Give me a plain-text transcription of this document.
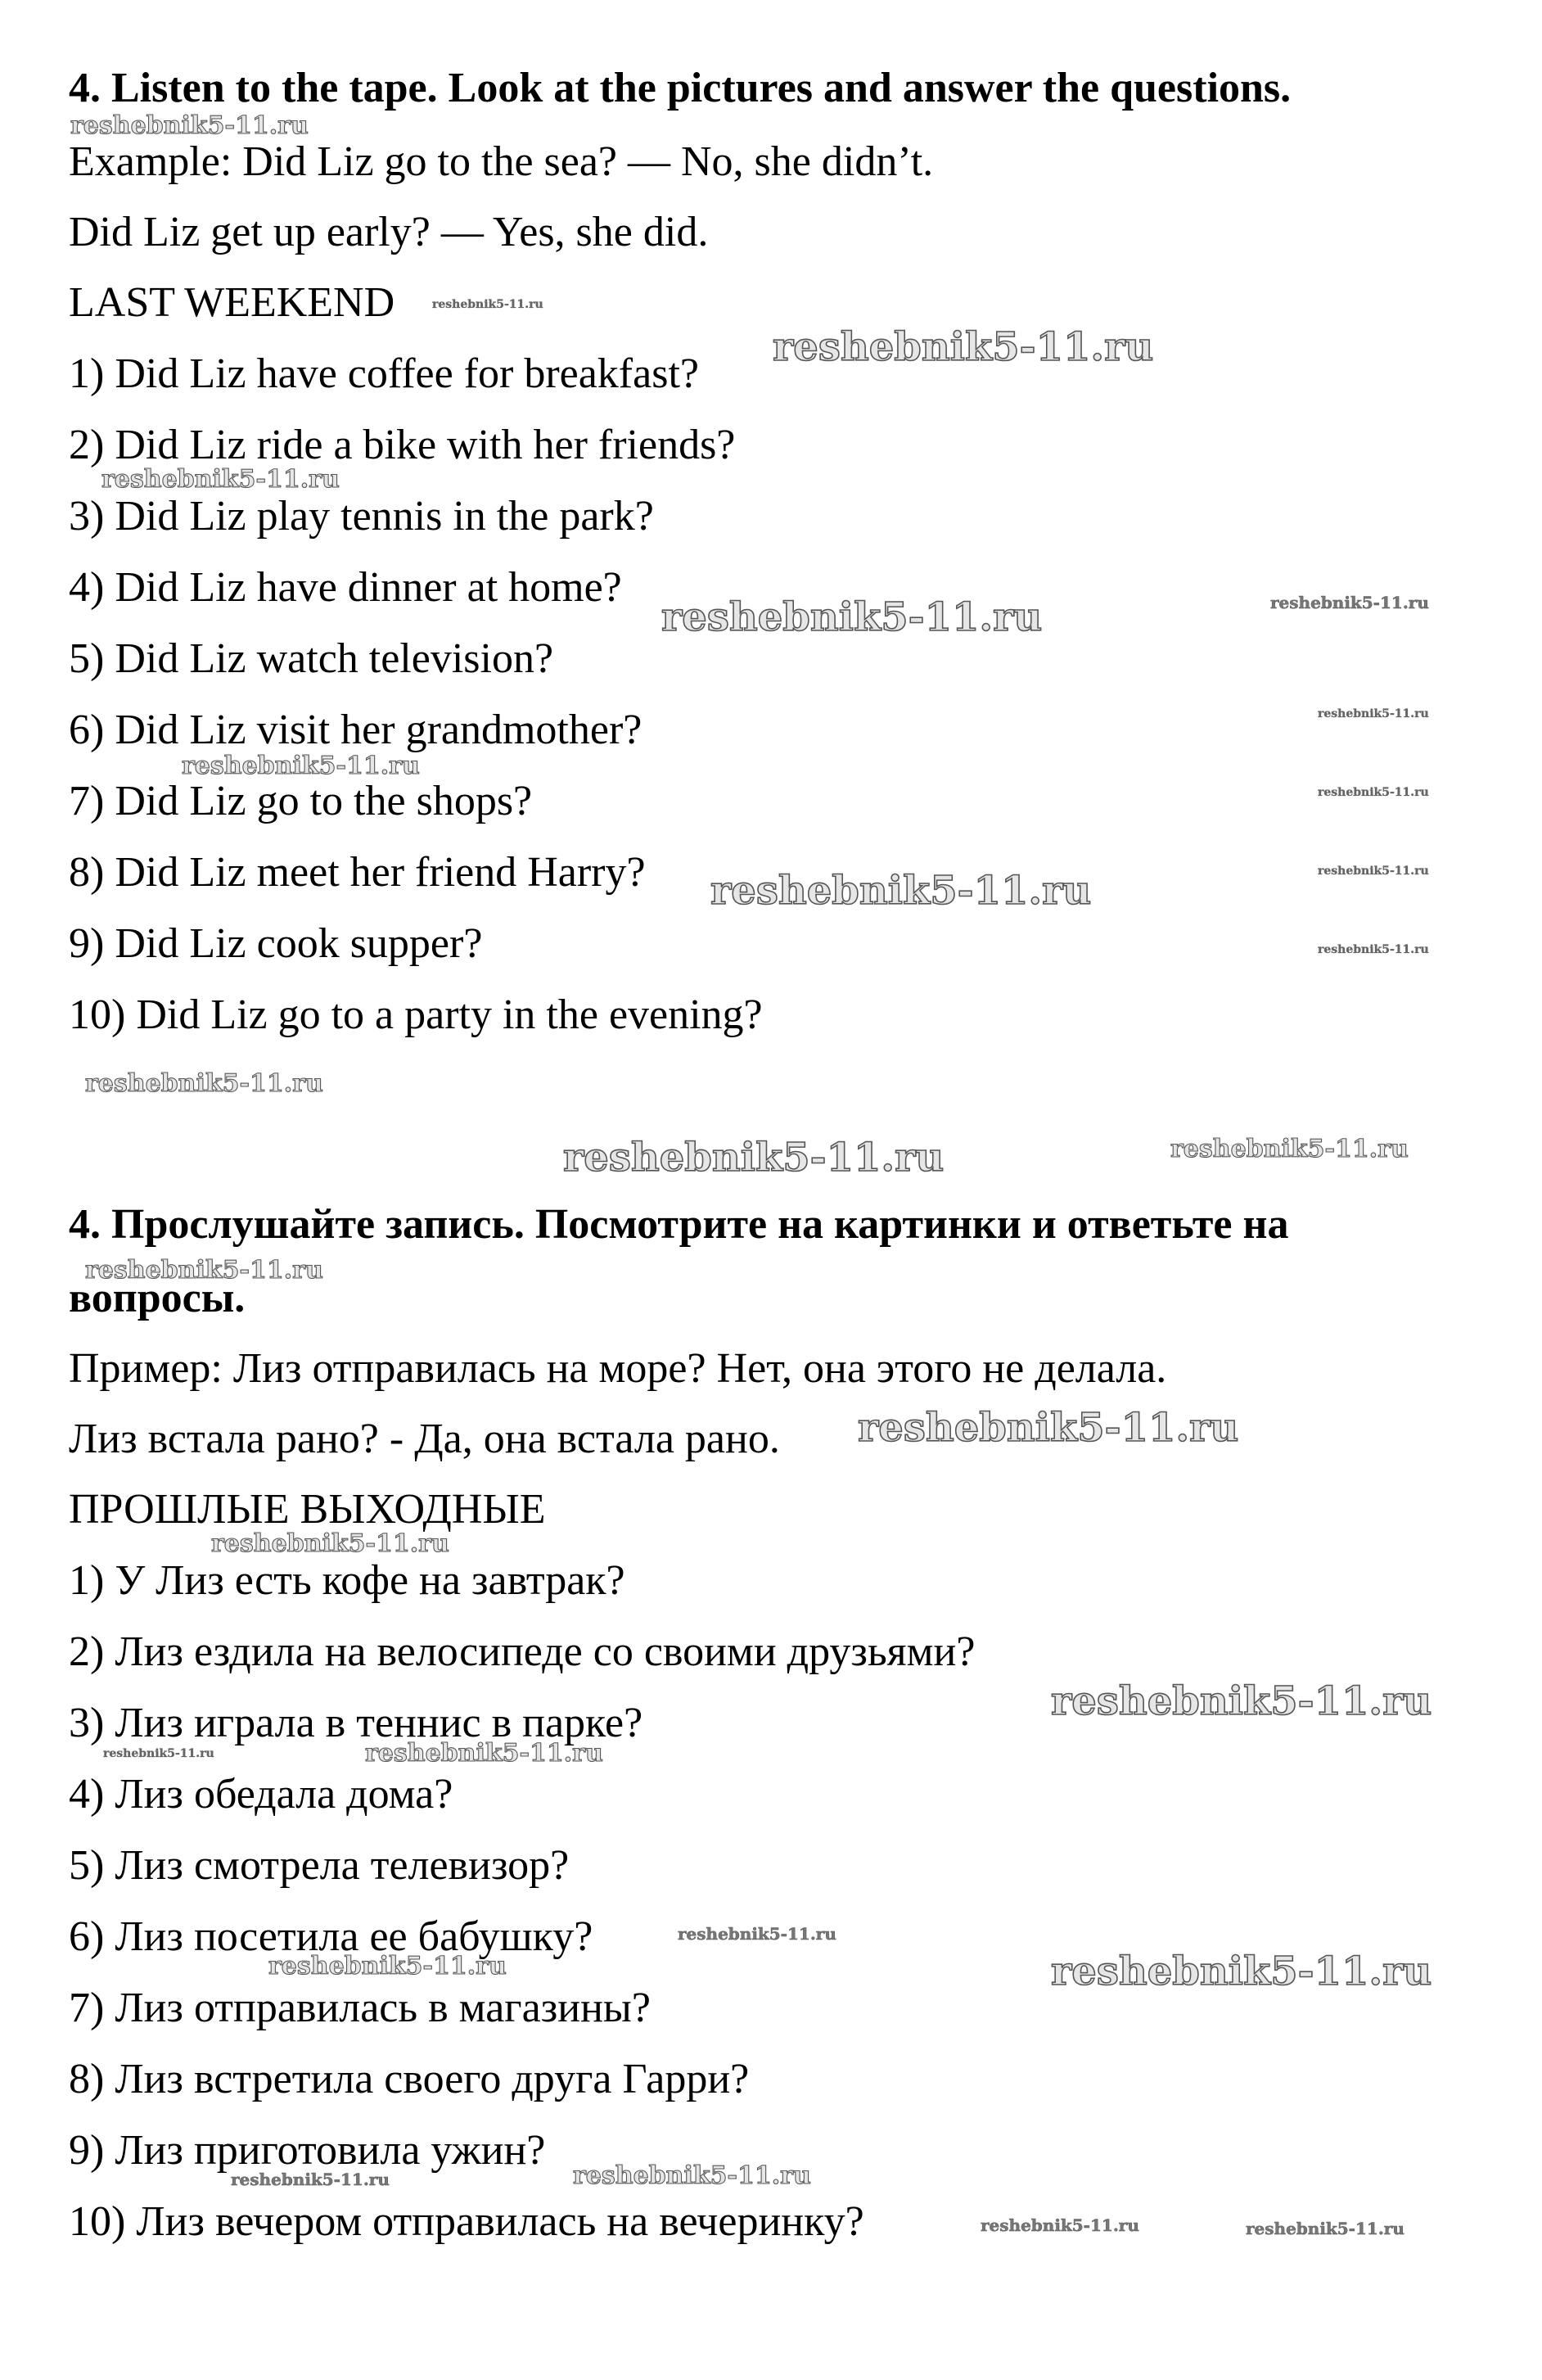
4. Listen to the tape. Look at the pictures and answer the questions.
Example: Did Liz go to the sea? — No, she didn’t.
Did Liz get up early? — Yes, she did.
LAST WEEKEND
1) Did Liz have coffee for breakfast?
2) Did Liz ride a bike with her friends?
3) Did Liz play tennis in the park?
4) Did Liz have dinner at home?
5) Did Liz watch television?
6) Did Liz visit her grandmother?
7) Did Liz go to the shops?
8) Did Liz meet her friend Harry?
9) Did Liz cook supper?
10) Did Liz go to a party in the evening?
4. Прослушайте запись. Посмотрите на картинки и ответьте на
вопросы.
Пример: Лиз отправилась на море? Нет, она этого не делала.
Лиз встала рано? - Да, она встала рано.
ПРОШЛЫЕ ВЫХОДНЫЕ
1) У Лиз есть кофе на завтрак?
2) Лиз ездила на велосипеде со своими друзьями?
3) Лиз играла в теннис в парке?
4) Лиз обедала дома?
5) Лиз смотрела телевизор?
6) Лиз посетила ее бабушку?
7) Лиз отправилась в магазины?
8) Лиз встретила своего друга Гарри?
9) Лиз приготовила ужин?
10) Лиз вечером отправилась на вечеринку?
reshebnik5-11.ru
reshebnik5-11.ru
reshebnik5-11.ru
reshebnik5-11.ru
reshebnik5-11.ru	reshebnik5-11.ru
reshebnik5-11.ru
reshebnik5-11.ru
reshebnik5-11.ru
reshebnik5-11.ru	reshebnik5-11.ru
reshebnik5-11.ru
reshebnik5-11.ru
reshebnik5-11.ru	reshebnik5-11.ru
reshebnik5-11.ru
reshebnik5-11.ru
reshebnik5-11.ru
reshebnik5-11.ru
reshebnik5-11.ru	reshebnik5-11.ru
reshebnik5-11.ru
reshebnik5-11.ru	reshebnik5-11.ru
reshebnik5-11.ru	reshebnik5-11.ru
reshebnik5-11.ru	reshebnik5-11.ru
